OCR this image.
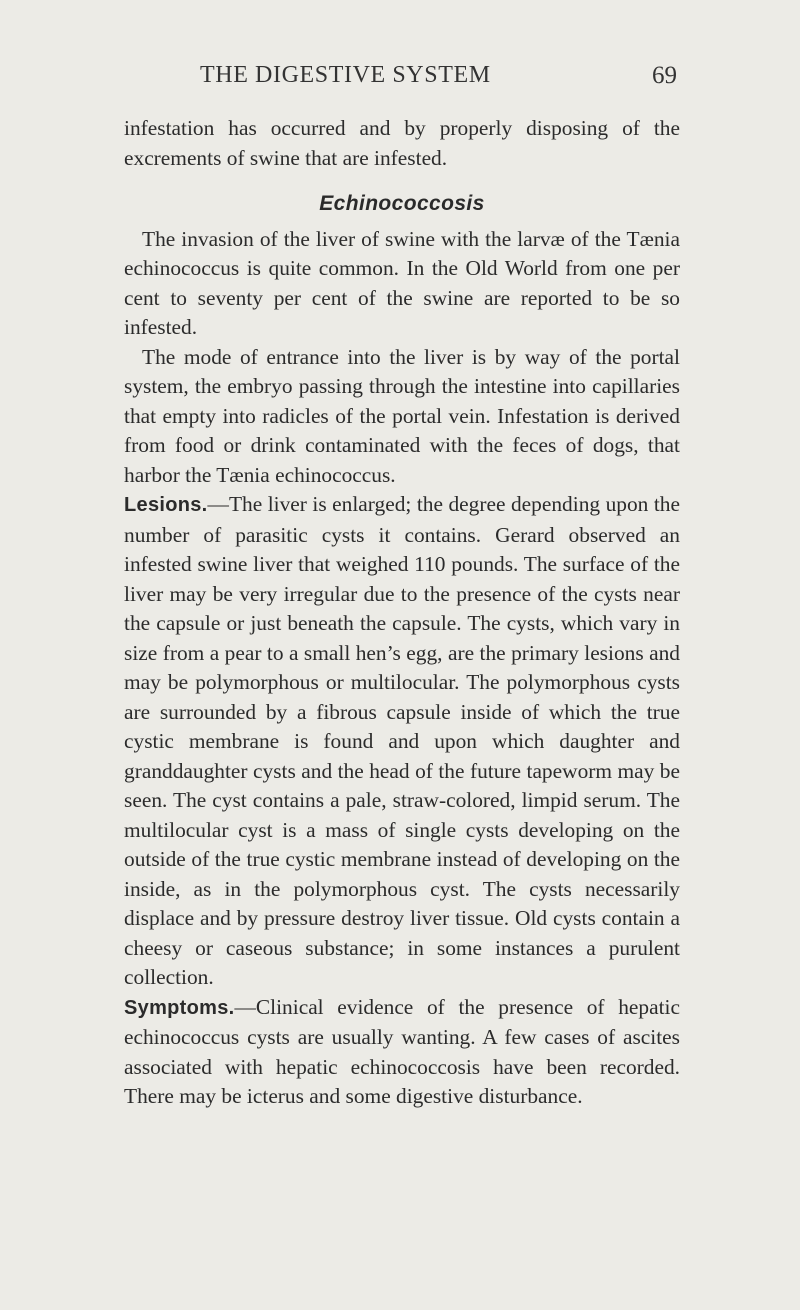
THE DIGESTIVE SYSTEM	69

infestation has occurred and by properly disposing of the excrements of swine that are infested.

Echinococcosis

The invasion of the liver of swine with the larvæ of the Tænia echinococcus is quite common. In the Old World from one per cent to seventy per cent of the swine are reported to be so infested.

The mode of entrance into the liver is by way of the portal system, the embryo passing through the intestine into capillaries that empty into radicles of the portal vein. Infestation is derived from food or drink contaminated with the feces of dogs, that harbor the Tænia echinococcus.

Lesions.—The liver is enlarged; the degree depending upon the number of parasitic cysts it contains. Gerard observed an infested swine liver that weighed 110 pounds. The surface of the liver may be very irregular due to the presence of the cysts near the capsule or just beneath the capsule. The cysts, which vary in size from a pear to a small hen’s egg, are the primary lesions and may be polymorphous or multilocular. The polymorphous cysts are surrounded by a fibrous capsule inside of which the true cystic membrane is found and upon which daughter and granddaughter cysts and the head of the future tapeworm may be seen. The cyst contains a pale, straw-colored, limpid serum. The multilocular cyst is a mass of single cysts developing on the outside of the true cystic membrane instead of developing on the inside, as in the polymorphous cyst. The cysts necessarily displace and by pressure destroy liver tissue. Old cysts contain a cheesy or caseous substance; in some instances a purulent collection.

Symptoms.—Clinical evidence of the presence of hepatic echinococcus cysts are usually wanting. A few cases of ascites associated with hepatic echinococcosis have been recorded. There may be icterus and some digestive disturbance.
